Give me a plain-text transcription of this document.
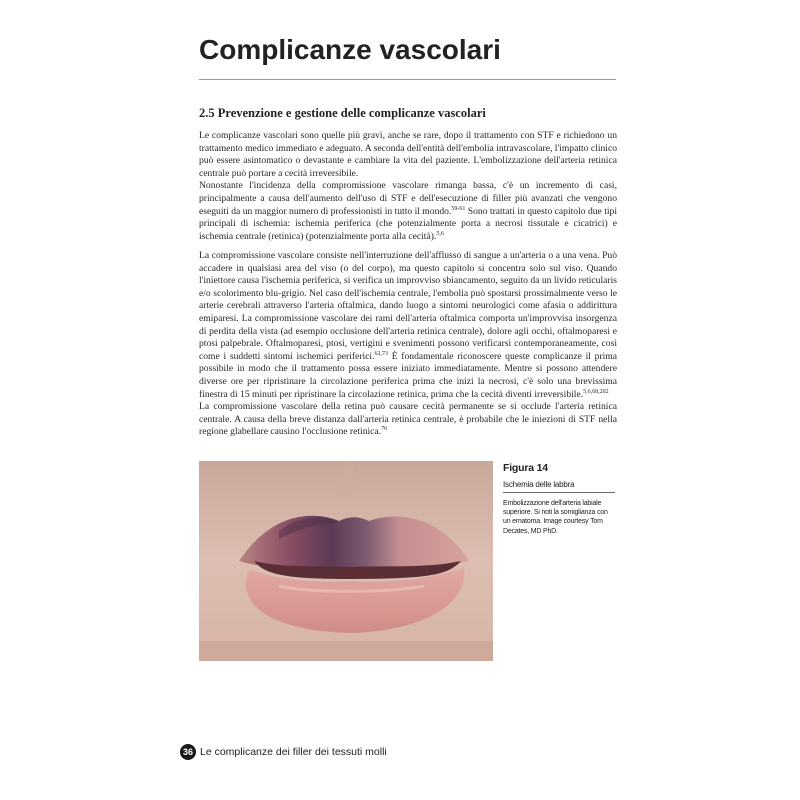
Complicanze vascolari
2.5 Prevenzione e gestione delle complicanze vascolari

Le complicanze vascolari sono quelle più gravi, anche se rare, dopo il trattamento con STF e richiedono un trattamento medico immediato e adeguato. A seconda dell'entità dell'embolia intravascolare, l'impatto clinico può essere asintomatico o devastante e cambiare la vita del paziente. L'embolizzazione dell'arteria retinica centrale può portare a cecità irreversibile.

Nonostante l'incidenza della compromissione vascolare rimanga bassa, c'è un incremento di casi, principalmente a causa dell'aumento dell'uso di STF e dell'esecuzione di filler più avanzati che vengono eseguiti da un maggior numero di professionisti in tutto il mondo.$^{59-61}$ Sono trattati in questo capitolo due tipi principali di ischemia: ischemia periferica (che potenzialmente porta a necrosi tissutale e cicatrici) e ischemia centrale (retinica) (potenzialmente porta alla cecità).$^{5,6}$

La compromissione vascolare consiste nell'interruzione dell'afflusso di sangue a un'arteria o a una vena. Può accadere in qualsiasi area del viso (o del corpo), ma questo capitolo si concentra solo sul viso. Quando l'iniettore causa l'ischemia periferica, si verifica un improvviso sbiancamento, seguito da un livido reticularis e/o scolorimento blu-grigio. Nel caso dell'ischemia centrale, l'embolia può spostarsi prossimalmente verso le arterie cerebrali attraverso l'arteria oftalmica, dando luogo a sintomi neurologici come afasia o addirittura emiparesi. La compromissione vascolare dei rami dell'arteria oftalmica comporta un'improvvisa insorgenza di perdita della vista (ad esempio occlusione dell'arteria retinica centrale), dolore agli occhi, oftalmoparesi e ptosi palpebrale. Oftalmoparesi, ptosi, vertigini e svenimenti possono verificarsi contemporaneamente, così come i suddetti sintomi ischemici periferici.$^{62,73}$ È fondamentale riconoscere queste complicanze il prima possibile in modo che il trattamento possa essere iniziato immediatamente. Mentre si possono attendere diverse ore per ripristinare la circolazione periferica prima che inizi la necrosi, c'è solo una brevissima finestra di 15 minuti per ripristinare la circolazione retinica, prima che la cecità diventi irreversibile.$^{5,6,68,202}$

La compromissione vascolare della retina può causare cecità permanente se si occlude l'arteria retinica centrale. A causa della breve distanza dall'arteria retinica centrale, è probabile che le iniezioni di STF nella regione glabellare causino l'occlusione retinica.$^{76}$

Figura 14

Ischemia delle labbra

Embolizzazione dell'arteria labiale superiore. Si noti la somiglianza con un ematoma. Image courtesy Tom Decates, MD PhD.

36 Le complicanze dei filler dei tessuti molli
